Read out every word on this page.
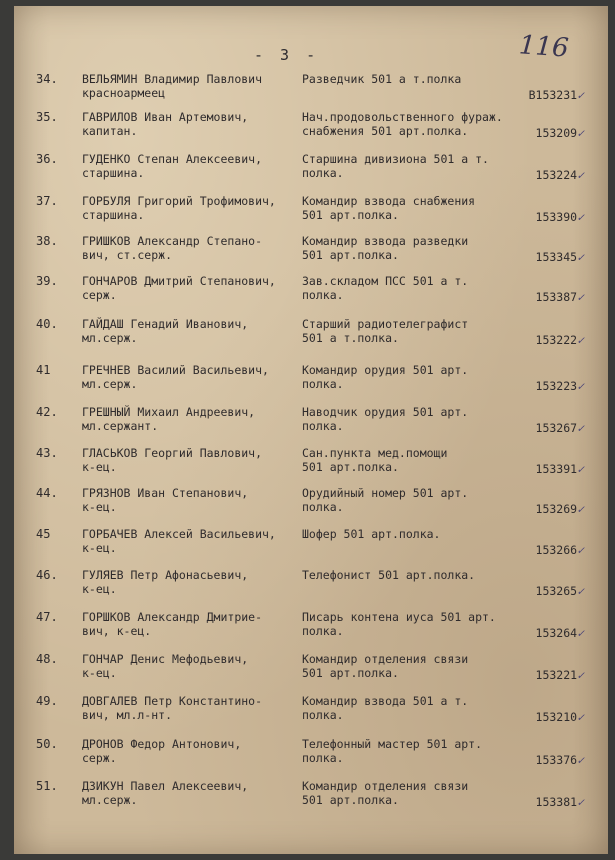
- 3 -	116
34.	ВЕЛЬЯМИН Владимир Павлович
красноармеец
Разведчик 501 а т.полка
В153231✓
35.	ГАВРИЛОВ Иван Артемович,
капитан.
Нач.продовольственного фураж.
снабжения 501 арт.полка.	153209✓
36.	ГУДЕНКО Степан Алексеевич,
старшина.
Старшина дивизиона 501 а т.
полка.	153224✓
37.	ГОРБУЛЯ Григорий Трофимович,
старшина.
Командир взвода снабжения
501 арт.полка.	153390✓
38.	ГРИШКОВ Александр Степано-
вич, ст.серж.
Командир взвода разведки
501 арт.полка.	153345✓
39.	ГОНЧАРОВ Дмитрий Степанович,
серж.
Зав.складом ПСС 501 а т.
полка.	153387✓
40.	ГАЙДАШ Генадий Иванович,
мл.серж.
Старший радиотелеграфист
501 а т.полка.	153222✓
41	ГРЕЧНЕВ Василий Васильевич,
мл.серж.
Командир орудия 501 арт.
полка.	153223✓
42.	ГРЕШНЫЙ Михаил Андреевич,
мл.сержант.
Наводчик орудия 501 арт.
полка.	153267✓
43.	ГЛАСЬКОВ Георгий Павлович,
к-ец.
Сан.пункта мед.помощи
501 арт.полка.	153391✓
44.	ГРЯЗНОВ Иван Степанович,
к-ец.
Орудийный номер 501 арт.
полка.	153269✓
45	ГОРБАЧЕВ Алексей Васильевич,
к-ец.
Шофер 501 арт.полка.
153266✓
46.	ГУЛЯЕВ Петр Афонасьевич,
к-ец.
Телефонист 501 арт.полка.
153265✓
47.	ГОРШКОВ Александр Дмитрие-
вич, к-ец.
Писарь контена иуса 501 арт.
полка.	153264✓
48.	ГОНЧАР Денис Мефодьевич,
к-ец.
Командир отделения связи
501 арт.полка.	153221✓
49.	ДОВГАЛЕВ Петр Константино-
вич, мл.л-нт.
Командир взвода 501 а т.
полка.	153210✓
50.	ДРОНОВ Федор Антонович,
серж.
Телефонный мастер 501 арт.
полка.	153376✓
51.	ДЗИКУН Павел Алексеевич,
мл.серж.
Командир отделения связи
501 арт.полка.	153381✓
